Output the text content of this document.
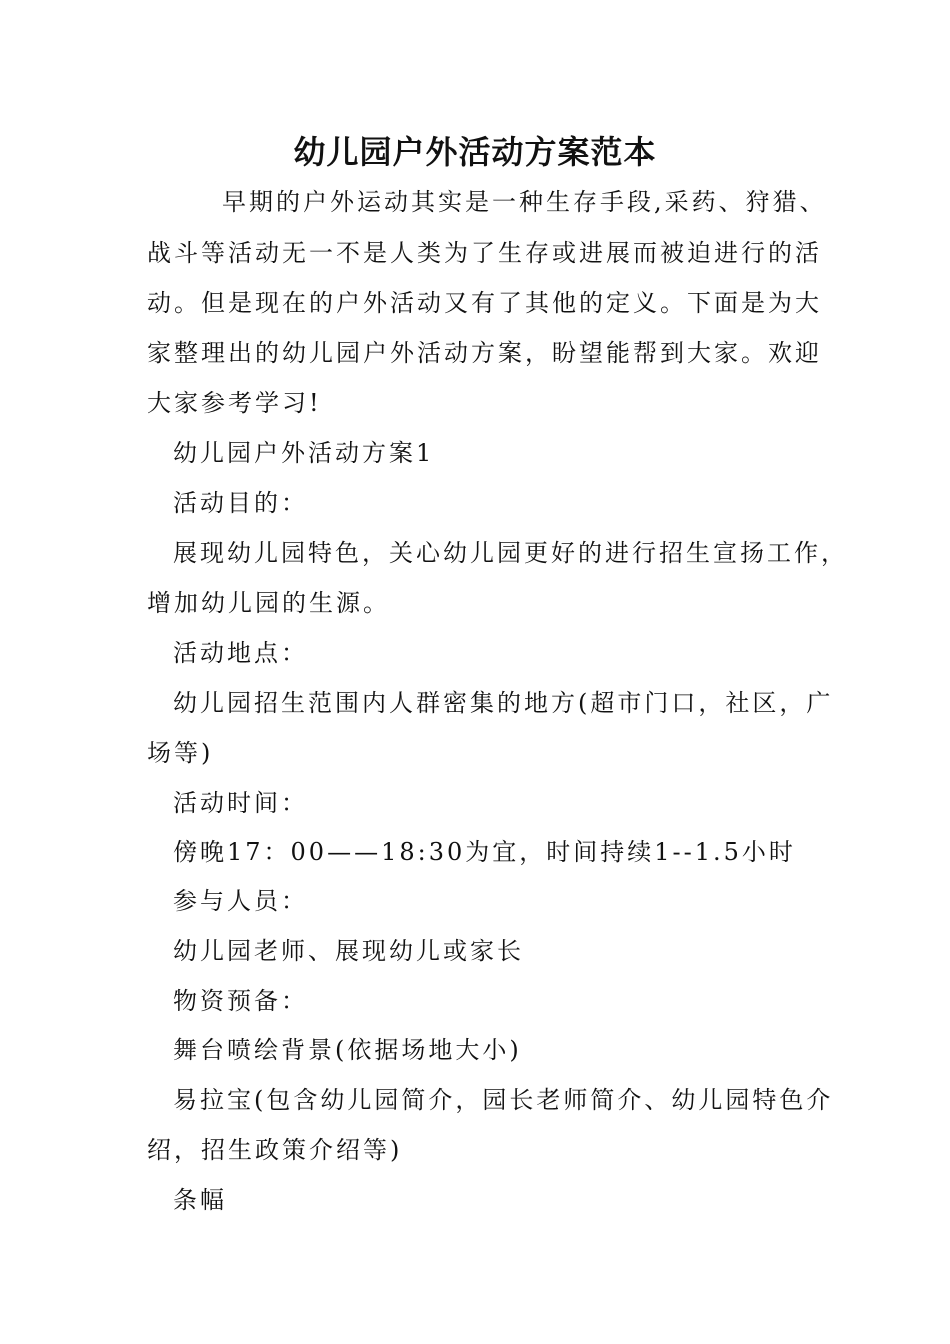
幼儿园户外活动方案范本
早期的户外运动其实是一种生存手段,采药、狩猎、
战斗等活动无一不是人类为了生存或进展而被迫进行的活
动。但是现在的户外活动又有了其他的定义。下面是为大
家整理出的幼儿园户外活动方案，盼望能帮到大家。欢迎
大家参考学习!
幼儿园户外活动方案1
活动目的：
展现幼儿园特色，关心幼儿园更好的进行招生宣扬工作，
增加幼儿园的生源。
活动地点：
幼儿园招生范围内人群密集的地方(超市门口，社区，广
场等)
活动时间：
傍晚17：00——18:30为宜，时间持续1--1.5小时
参与人员：
幼儿园老师、展现幼儿或家长
物资预备：
舞台喷绘背景(依据场地大小)
易拉宝(包含幼儿园简介，园长老师简介、幼儿园特色介
绍，招生政策介绍等)
条幅
